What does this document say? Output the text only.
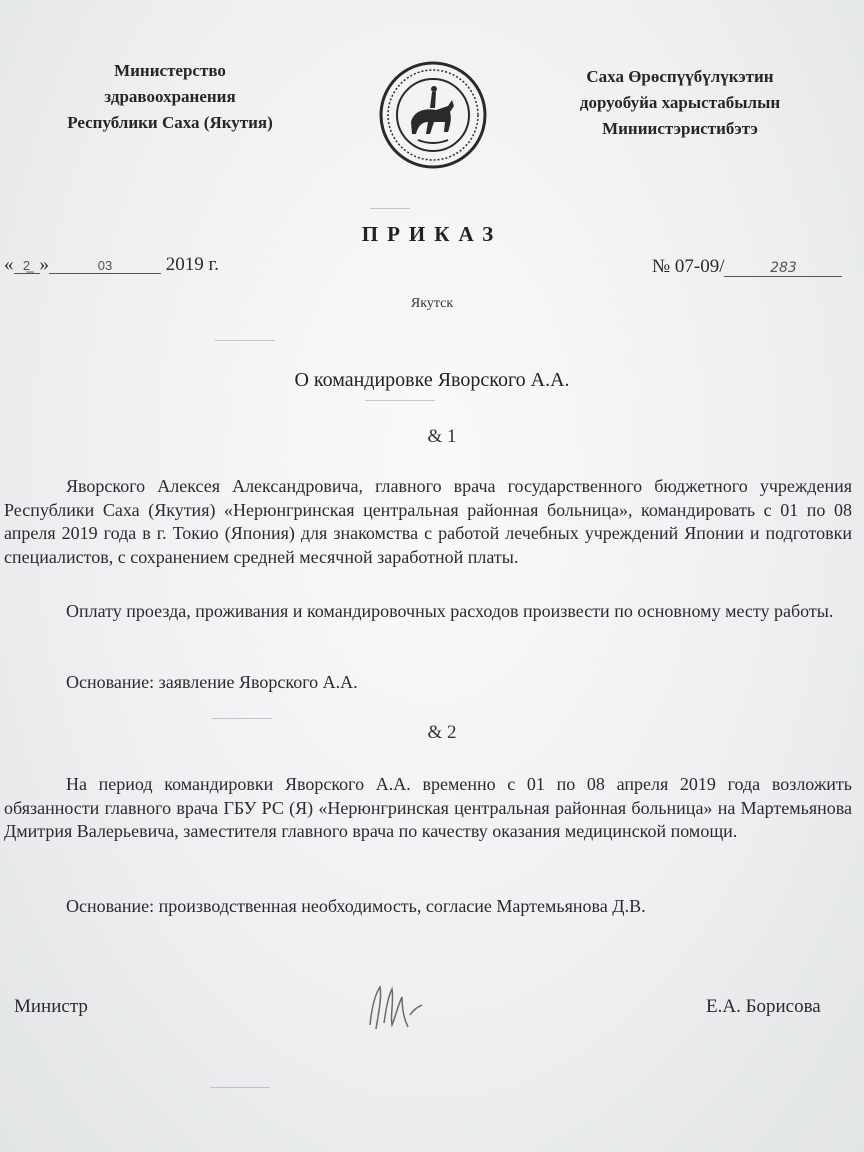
Министерство
здравоохранения
Республики Саха (Якутия)
Саха Өрөспүүбүлүкэтин
доруобуйа харыстабылын
Миниистэристибэтэ
ПРИКАЗ
« 2̲̲ »	03	2019 г.	№ 07-09/	283
Якутск
О командировке Яворского А.А.
& 1

Яворского Алексея Александровича, главного врача государственного бюджетного учреждения Республики Саха (Якутия) «Нерюнгринская центральная районная больница», командировать с 01 по 08 апреля 2019 года в г. Токио (Япония) для знакомства с работой лечебных учреждений Японии и подготовки специалистов, с сохранением средней месячной заработной платы.

Оплату проезда, проживания и командировочных расходов произвести по основному месту работы.

Основание: заявление Яворского А.А.
& 2

На период командировки Яворского А.А. временно с 01 по 08 апреля 2019 года возложить обязанности главного врача ГБУ РС (Я) «Нерюнгринская центральная районная больница» на Мартемьянова Дмитрия Валерьевича, заместителя главного врача по качеству оказания медицинской помощи.

Основание: производственная необходимость, согласие Мартемьянова Д.В.
Министр	Е.А. Борисова
